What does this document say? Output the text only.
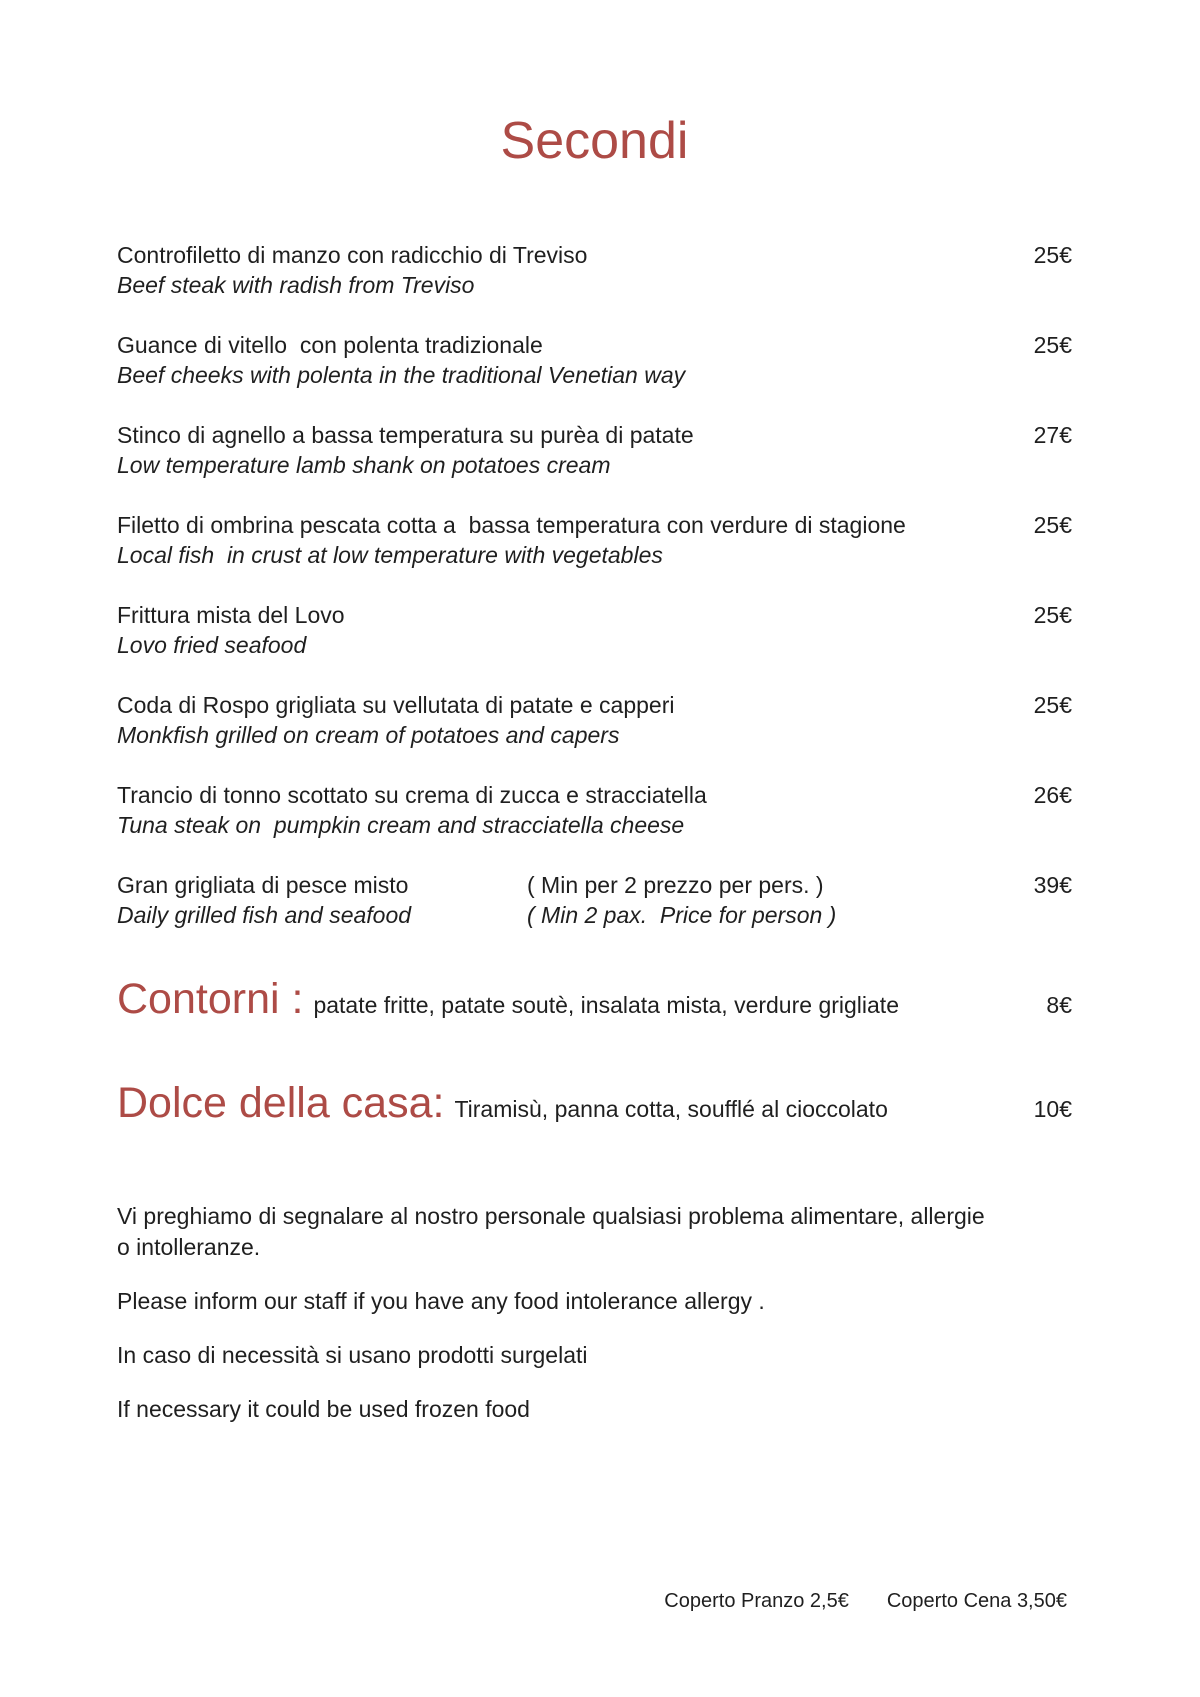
Secondi
Controfiletto di manzo con radicchio di Treviso	25€
Beef steak with radish from Treviso
Guance di vitello  con polenta tradizionale	25€
Beef cheeks with polenta in the traditional Venetian way
Stinco di agnello a bassa temperatura su purèa di patate	27€
Low temperature lamb shank on potatoes cream
Filetto di ombrina pescata cotta a  bassa temperatura con verdure di stagione	25€
Local fish  in crust at low temperature with vegetables
Frittura mista del Lovo	25€
Lovo fried seafood
Coda di Rospo grigliata su vellutata di patate e capperi	25€
Monkfish grilled on cream of potatoes and capers
Trancio di tonno scottato su crema di zucca e stracciatella	26€
Tuna steak on  pumpkin cream and stracciatella cheese
Gran grigliata di pesce misto	( Min per 2 prezzo per pers. )	39€
Daily grilled fish and seafood	( Min 2 pax.  Price for person )
Contorni : patate fritte, patate soutè, insalata mista, verdure grigliate	8€
Dolce della casa: Tiramisù, panna cotta, soufflé al cioccolato	10€

Vi preghiamo di segnalare al nostro personale qualsiasi problema alimentare, allergie o intolleranze.

Please inform our staff if you have any food intolerance allergy .

In caso di necessità si usano prodotti surgelati

If necessary it could be used frozen food

Coperto Pranzo 2,5€ Coperto Cena 3,50€
